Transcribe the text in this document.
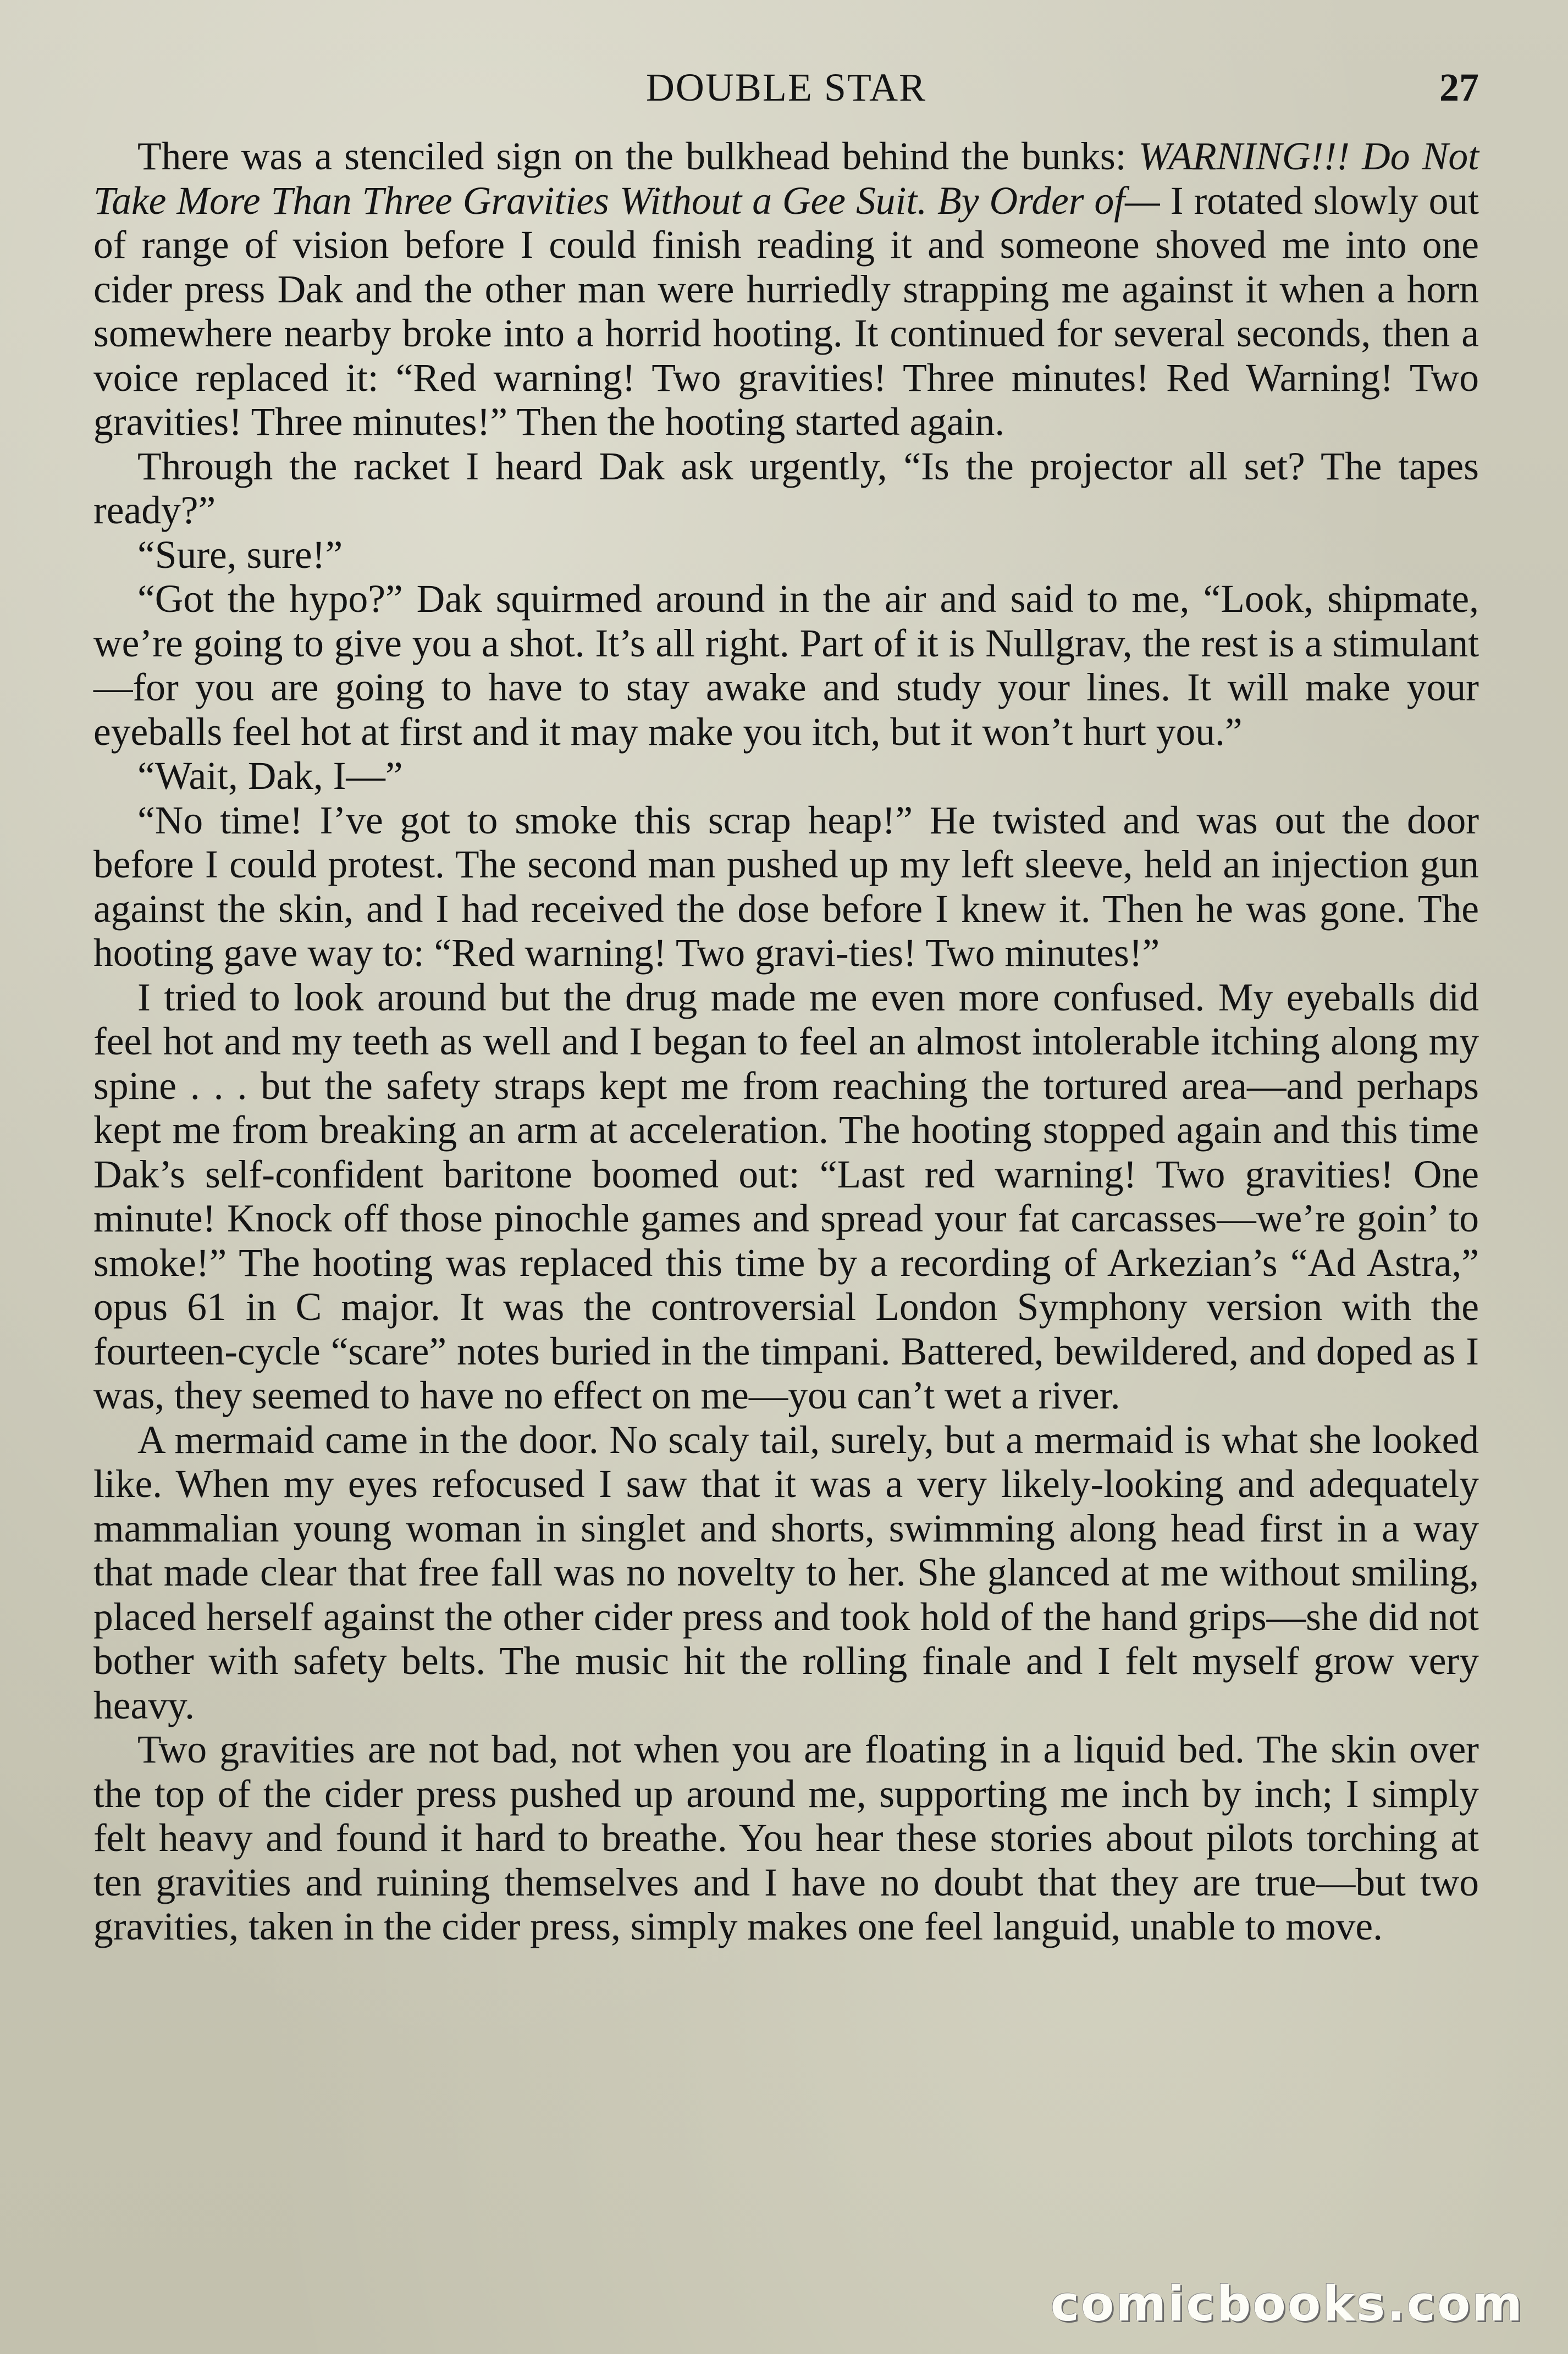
DOUBLE STAR	27

There was a stenciled sign on the bulkhead behind the bunks: WARNING!!! Do Not Take More Than Three Gravities Without a Gee Suit. By Order of— I rotated slowly out of range of vision before I could finish reading it and someone shoved me into one cider press Dak and the other man were hurriedly strapping me against it when a horn somewhere nearby broke into a horrid hooting. It continued for several seconds, then a voice replaced it: “Red warning! Two gravities! Three minutes! Red Warning! Two gravities! Three minutes!” Then the hooting started again.

Through the racket I heard Dak ask urgently, “Is the projector all set? The tapes ready?”

“Sure, sure!”

“Got the hypo?” Dak squirmed around in the air and said to me, “Look, shipmate, we’re going to give you a shot. It’s all right. Part of it is Nullgrav, the rest is a stimulant—for you are going to have to stay awake and study your lines. It will make your eyeballs feel hot at first and it may make you itch, but it won’t hurt you.”

“Wait, Dak, I—”

“No time! I’ve got to smoke this scrap heap!” He twisted and was out the door before I could protest. The second man pushed up my left sleeve, held an injection gun against the skin, and I had received the dose before I knew it. Then he was gone. The hooting gave way to: “Red warning! Two gravi-ties! Two minutes!”

I tried to look around but the drug made me even more confused. My eyeballs did feel hot and my teeth as well and I began to feel an almost intolerable itching along my spine . . . but the safety straps kept me from reaching the tortured area—and perhaps kept me from breaking an arm at acceleration. The hooting stopped again and this time Dak’s self-confident baritone boomed out: “Last red warning! Two gravities! One minute! Knock off those pinochle games and spread your fat carcasses—we’re goin’ to smoke!” The hooting was replaced this time by a recording of Arkezian’s “Ad Astra,” opus 61 in C major. It was the controversial London Symphony version with the fourteen-cycle “scare” notes buried in the timpani. Battered, bewildered, and doped as I was, they seemed to have no effect on me—you can’t wet a river.

A mermaid came in the door. No scaly tail, surely, but a mermaid is what she looked like. When my eyes refocused I saw that it was a very likely-looking and adequately mammalian young woman in singlet and shorts, swimming along head first in a way that made clear that free fall was no novelty to her. She glanced at me without smiling, placed herself against the other cider press and took hold of the hand grips—she did not bother with safety belts. The music hit the rolling finale and I felt myself grow very heavy.

Two gravities are not bad, not when you are floating in a liquid bed. The skin over the top of the cider press pushed up around me, supporting me inch by inch; I simply felt heavy and found it hard to breathe. You hear these stories about pilots torching at ten gravities and ruining themselves and I have no doubt that they are true—but two gravities, taken in the cider press, simply makes one feel languid, unable to move.

comicbooks.com
